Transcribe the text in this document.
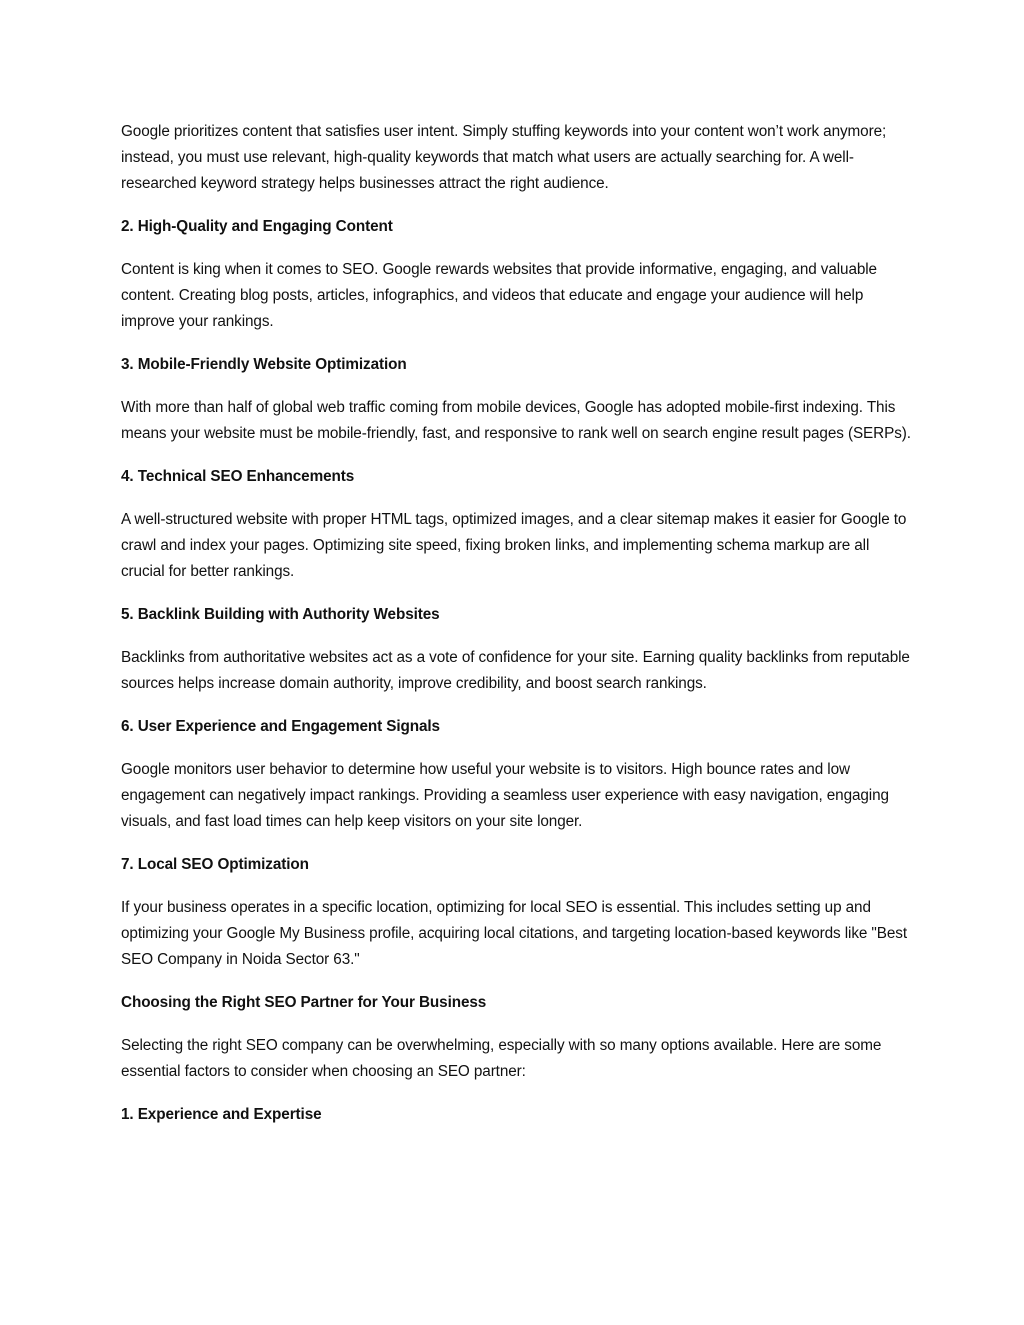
Google prioritizes content that satisfies user intent. Simply stuffing keywords into your content won’t work anymore; instead, you must use relevant, high-quality keywords that match what users are actually searching for. A well-researched keyword strategy helps businesses attract the right audience.

2. High-Quality and Engaging Content

Content is king when it comes to SEO. Google rewards websites that provide informative, engaging, and valuable content. Creating blog posts, articles, infographics, and videos that educate and engage your audience will help improve your rankings.

3. Mobile-Friendly Website Optimization

With more than half of global web traffic coming from mobile devices, Google has adopted mobile-first indexing. This means your website must be mobile-friendly, fast, and responsive to rank well on search engine result pages (SERPs).

4. Technical SEO Enhancements

A well-structured website with proper HTML tags, optimized images, and a clear sitemap makes it easier for Google to crawl and index your pages. Optimizing site speed, fixing broken links, and implementing schema markup are all crucial for better rankings.

5. Backlink Building with Authority Websites

Backlinks from authoritative websites act as a vote of confidence for your site. Earning quality backlinks from reputable sources helps increase domain authority, improve credibility, and boost search rankings.

6. User Experience and Engagement Signals

Google monitors user behavior to determine how useful your website is to visitors. High bounce rates and low engagement can negatively impact rankings. Providing a seamless user experience with easy navigation, engaging visuals, and fast load times can help keep visitors on your site longer.

7. Local SEO Optimization

If your business operates in a specific location, optimizing for local SEO is essential. This includes setting up and optimizing your Google My Business profile, acquiring local citations, and targeting location-based keywords like "Best SEO Company in Noida Sector 63."

Choosing the Right SEO Partner for Your Business

Selecting the right SEO company can be overwhelming, especially with so many options available. Here are some essential factors to consider when choosing an SEO partner:

1. Experience and Expertise
